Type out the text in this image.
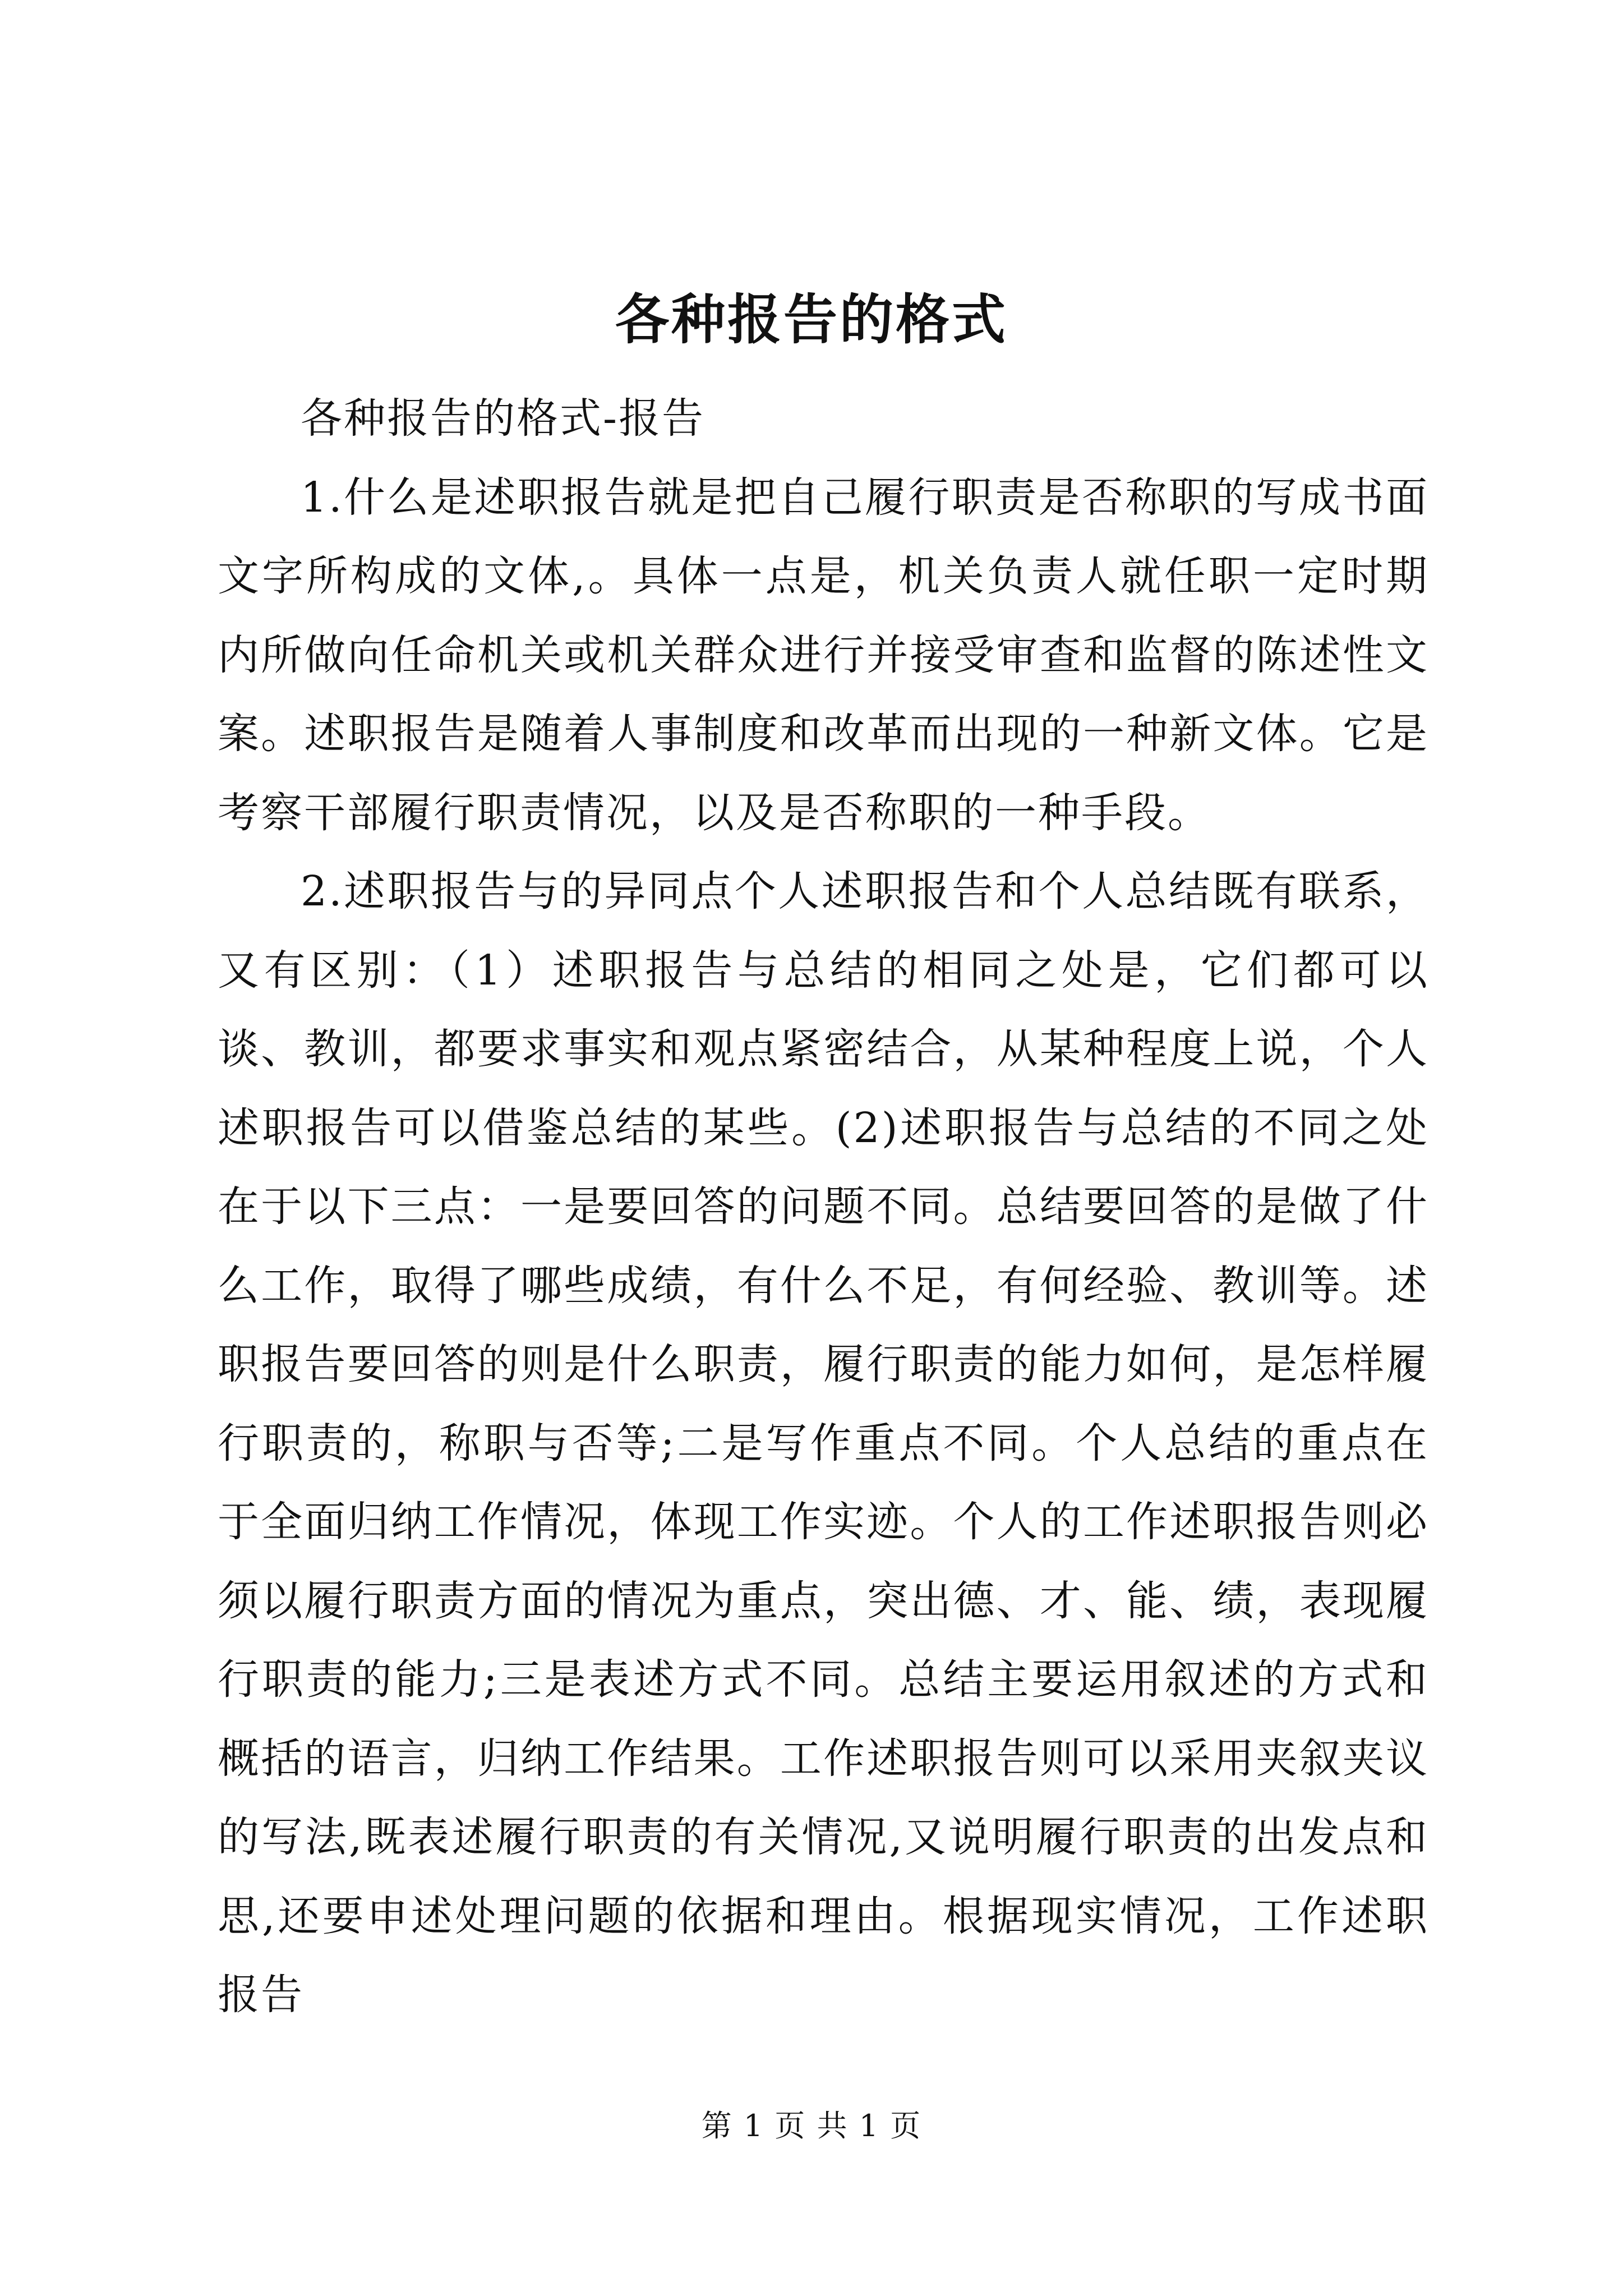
各种报告的格式

各种报告的格式-报告

1.什么是述职报告就是把自己履行职责是否称职的写成书面文字所构成的文体,。具体一点是，机关负责人就任职一定时期内所做向任命机关或机关群众进行并接受审查和监督的陈述性文案。述职报告是随着人事制度和改革而出现的一种新文体。它是考察干部履行职责情况，以及是否称职的一种手段。

2.述职报告与的异同点个人述职报告和个人总结既有联系，又有区别：（1）述职报告与总结的相同之处是，它们都可以谈、教训，都要求事实和观点紧密结合，从某种程度上说，个人述职报告可以借鉴总结的某些。(2)述职报告与总结的不同之处在于以下三点：一是要回答的问题不同。总结要回答的是做了什么工作，取得了哪些成绩，有什么不足，有何经验、教训等。述职报告要回答的则是什么职责，履行职责的能力如何，是怎样履行职责的，称职与否等;二是写作重点不同。个人总结的重点在于全面归纳工作情况，体现工作实迹。个人的工作述职报告则必须以履行职责方面的情况为重点，突出德、才、能、绩，表现履行职责的能力;三是表述方式不同。总结主要运用叙述的方式和概括的语言，归纳工作结果。工作述职报告则可以采用夹叙夹议的写法,既表述履行职责的有关情况,又说明履行职责的出发点和思,还要申述处理问题的依据和理由。根据现实情况，工作述职报告

第 1 页 共 1 页
